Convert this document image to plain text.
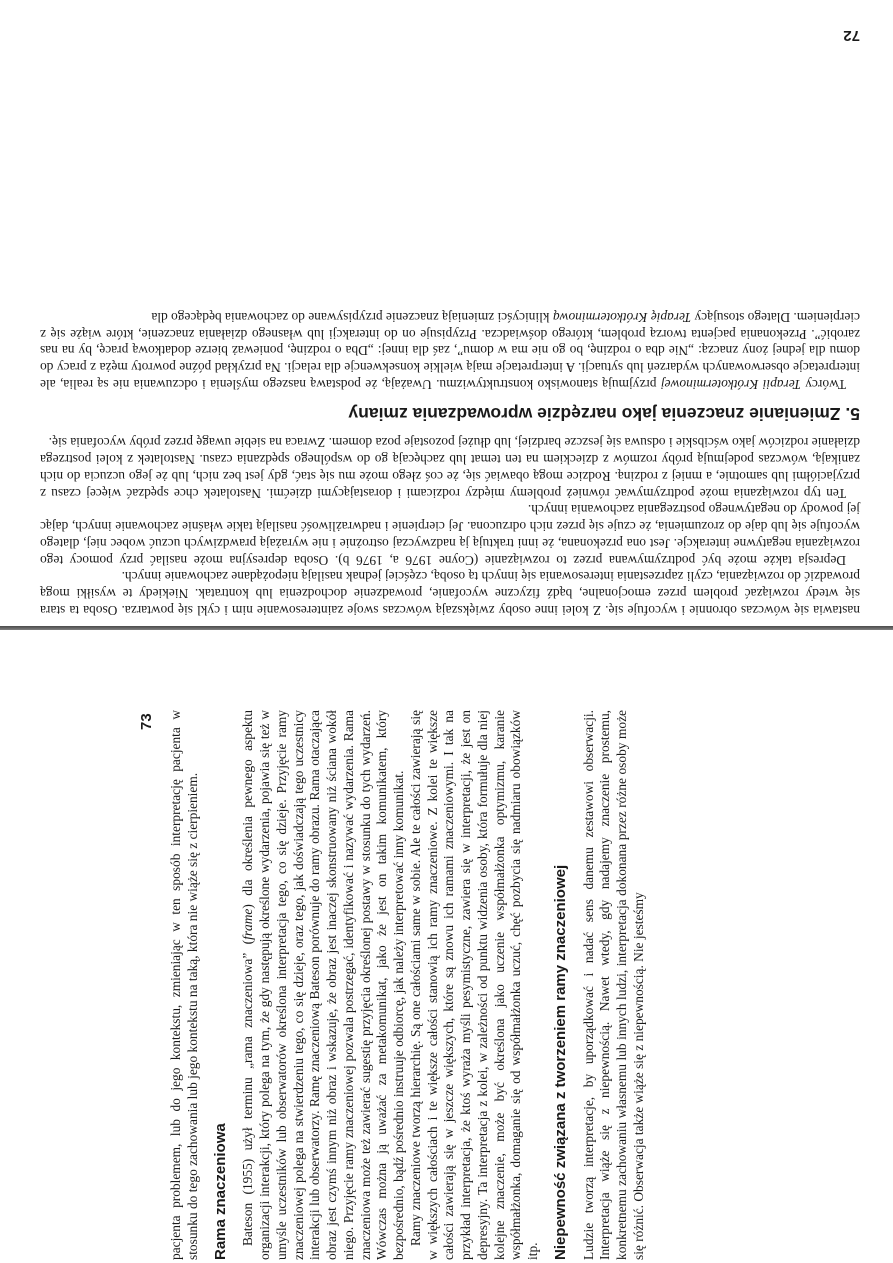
nastawia się wówczas obronnie i wycofuje się. Z kolei inne osoby zwiększają wówczas swoje zainteresowanie nim i cykl się powtarza. Osoba ta stara się wtedy rozwiązać problem przez emocjonalne, bądź fizyczne wycofanie, prowadzenie dochodzenia lub kontratak. Niekiedy te wysiłki mogą prowadzić do rozwiązania, czyli zaprzestania interesowania się innych tą osobą, częściej jednak nasilają niepożądane zachowanie innych.

Depresja także może być podtrzymywana przez to rozwiązanie (Coyne 1976 a, 1976 b). Osoba depresyjna może nasilać przy pomocy tego rozwiązania negatywne interakcje. Jest ona przekonana, że inni traktują ją nadzwyczaj ostrożnie i nie wyrażają prawdziwych uczuć wobec niej, dlatego wycofuje się lub daje do zrozumienia, że czuje się przez nich odrzucona. Jej cierpienie i nadwrażliwość nasilają takie właśnie zachowanie innych, dając jej powody do negatywnego postrzegania zachowania innych.

Ten typ rozwiązania może podtrzymywać również problemy między rodzicami i dorastającymi dziećmi. Nastolatek chce spędzać więcej czasu z przyjaciółmi lub samotnie, a mniej z rodziną. Rodzice mogą obawiać się, że coś złego może mu się stać, gdy jest bez nich, lub że jego uczucia do nich zanikają, wówczas podejmują próby rozmów z dzieckiem na ten temat lub zachęcają go do wspólnego spędzania czasu. Nastolatek z kolei postrzega działanie rodziców jako wścibskie i odsuwa się jeszcze bardziej, lub dłużej pozostaje poza domem. Zwraca na siebie uwagę przez próby wycofania się.

5. Zmienianie znaczenia jako narzędzie wprowadzania zmiany

Twórcy Terapii Krótkoterminowej przyjmują stanowisko konstruktywizmu. Uważają, że podstawą naszego myślenia i odczuwania nie są realia, ale interpretacje obserwowanych wydarzeń lub sytuacji. A interpretacje mają wielkie konsekwencje dla relacji. Na przykład późne powroty męża z pracy do domu dla jednej żony znaczą: „Nie dba o rodzinę, bo go nie ma w domu”, zaś dla innej: „Dba o rodzinę, ponieważ bierze dodatkową pracę, by na nas zarobić”. Przekonania pacjenta tworzą problem, którego doświadcza. Przypisuje on do interakcji lub własnego działania znaczenie, które wiąże się z cierpieniem. Dlatego stosujący Terapię Krótkoterminową klinicyści zmieniają znaczenie przypisywane do zachowania będącego dla

72

pacjenta problemem, lub do jego kontekstu, zmieniając w ten sposób interpretację pacjenta w stosunku do tego zachowania lub jego kontekstu na taką, która nie wiąże się z cierpieniem. Rama znaczeniowa Bateson (1955) użył terminu „rama znaczeniowa” (frame) dla określenia pewnego aspektu organizacji interakcji, który polega na tym, że gdy następują określone wydarzenia, pojawia się też w umyśle uczestników lub obserwatorów określona interpretacja tego, co się dzieje. Przyjęcie ramy znaczeniowej polega na stwierdzeniu tego, co się dzieje, oraz tego, jak doświadczają tego uczestnicy interakcji lub obserwatorzy. Ramę znaczeniową Bateson porównuje do ramy obrazu. Rama otaczająca obraz jest czymś innym niż obraz i wskazuje, że obraz jest inaczej skonstruowany niż ściana wokół niego. Przyjęcie ramy znaczeniowej pozwala postrzegać, identyfikować i nazywać wydarzenia. Rama znaczeniowa może też zawierać sugestię przyjęcia określonej postawy w stosunku do tych wydarzeń. Wówczas można ją uważać za metakomunikat, jako że jest on takim komunikatem, który bezpośrednio, bądź pośrednio instruuje odbiorcę, jak należy interpretować inny komunikat. Ramy znaczeniowe tworzą hierarchię. Są one całościami same w sobie. Ale te całości zawierają się w większych całościach i te większe całości stanowią ich ramy znaczeniowe. Z kolei te większe całości zawierają się w jeszcze większych, które są znowu ich ramami znaczeniowymi. I tak na przykład interpretacja, że ktoś wyraża myśli pesymistyczne, zawiera się w interpretacji, że jest on depresyjny. Ta interpretacja z kolei, w zależności od punktu widzenia osoby, która formułuje dla niej kolejne znaczenie, może być określona jako uczenie współmałżonka optymizmu, karanie współmałżonka, domaganie się od współmałżonka uczuć, chęć pozbycia się nadmiaru obowiązków itp. Niepewność związana z tworzeniem ramy znaczeniowej Ludzie tworzą interpretacje, by uporządkować i nadać sens danemu zestawowi obserwacji. Interpretacja wiąże się z niepewnością. Nawet wtedy, gdy nadajemy znaczenie prostemu, konkretnemu zachowaniu własnemu lub innych ludzi, interpretacja dokonana przez różne osoby może się różnić. Obserwacja także wiąże się z niepewnością. Nie jesteśmy

73
